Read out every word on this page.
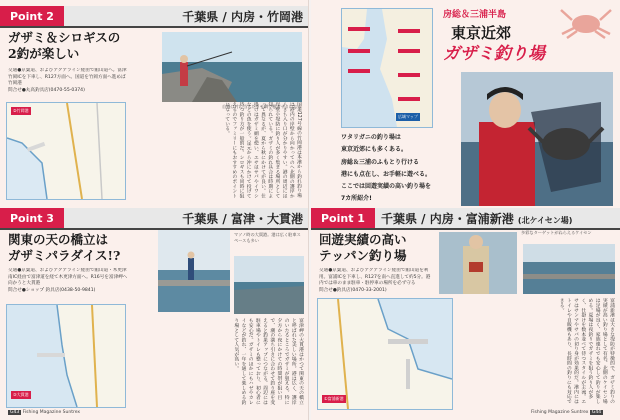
Point 2	千葉県 / 内房・竹岡港
ガザミ＆シロギスの
2釣が楽しい
交通●京葉道、およびアクアライン経由で館山道へ。富津竹岡ICを下車し、R127方面へ。国道を竹岡方面へ進めば竹岡港
問合せ●丸高釣具店(0470-55-0374)
自慢は竹に当てたタモ網で根ガザミになる
②竹岡港	国道127号線の竹岡港は本港から釣れ釣り場は港内の岸壁から向かってのへ北側の護岸からきち入り口が分かりやすい。港の周辺には岸壁や堤防に釣り人が多く集まる場所として知られている。ガザミの釣れ具合は時期によって異なるが、夏から秋にかけてが良い。仕掛けはガザミ網を使い、エサはサバやイワシなどの魚を使う。足元から沖にかけて投げて待つ釣り方が一般的だ。シロギスも同時に狙えるのでファミリーにもおすすめのポイントになっている。
Point 3	千葉県 / 富津・大貫港
関東の天の橋立は
ガザミパラダイス!?
交通●京葉道、およびアクアライン経由で館山道・木更津南IC経由で富津道を経て木更津方面へ。R16号を富津岬へ向かうと大貫港
問合せ●ショップ 釣具店(0438-50-9841)
マソノ時の大貫港。港は広く駐車スペースも多い
③大貫港	富津岬の大貫港はかつて関東の天の橋立と呼ばれた美しい場所。港は広く、護岸のいたるところでガザミが狙える。特に夕方から夜にかけての時間帯が狙い目で、潮の満ち引きに合わせて釣り座を変えると釣果アップにつながる。周辺には駐車場やトイレも整っており、初心者にも安心だ。ガザミのほかにもハゼやカレイなどが釣れ、一年を通して楽しめる釣り場として人気が高い。
G43 Fishing Magazine Suntrex
広域マップ
房総＆三浦半島
東京近郊
ガザミ釣り場
ワタリガニの釣り場は
東京近郊にも多くある。
房総＆三浦のふもとり行ける
港にも点在し、お手軽に遊べる。
ここでは回遊実績の高い釣り場を
7カ所紹介!
Point 1	千葉県 / 内房・富浦新港 (北ケイセン場)
回遊実績の高い
テッパン釣り場
交通●京葉道、およびアクアライン経由で館山道を利用。富浦ICを下車し、R127を南へ直進して約5分。港内では車のまま駐車・駐停車の場所を必ず守る
問合せ●釣具店(0470-33-2001)
多彩なターゲットがねらえるケイセン
①富浦新港	富浦新港は大きな堤防が特徴的で、ガザミ釣りの実績が高い釣り場として有名。北側のケイセン場は足場が良く、家族連れでも安心して釣りが楽しめる。夏場は夜釣りでガザミを狙う釣り人が多く、仕掛けを数本並べて待つスタイルが主流。エサはサンマやサバの切り身が効果的だ。港内にはトイレや自販機もあり、長時間の釣りにも対応できる。
Fishing Magazine Suntrex G44
